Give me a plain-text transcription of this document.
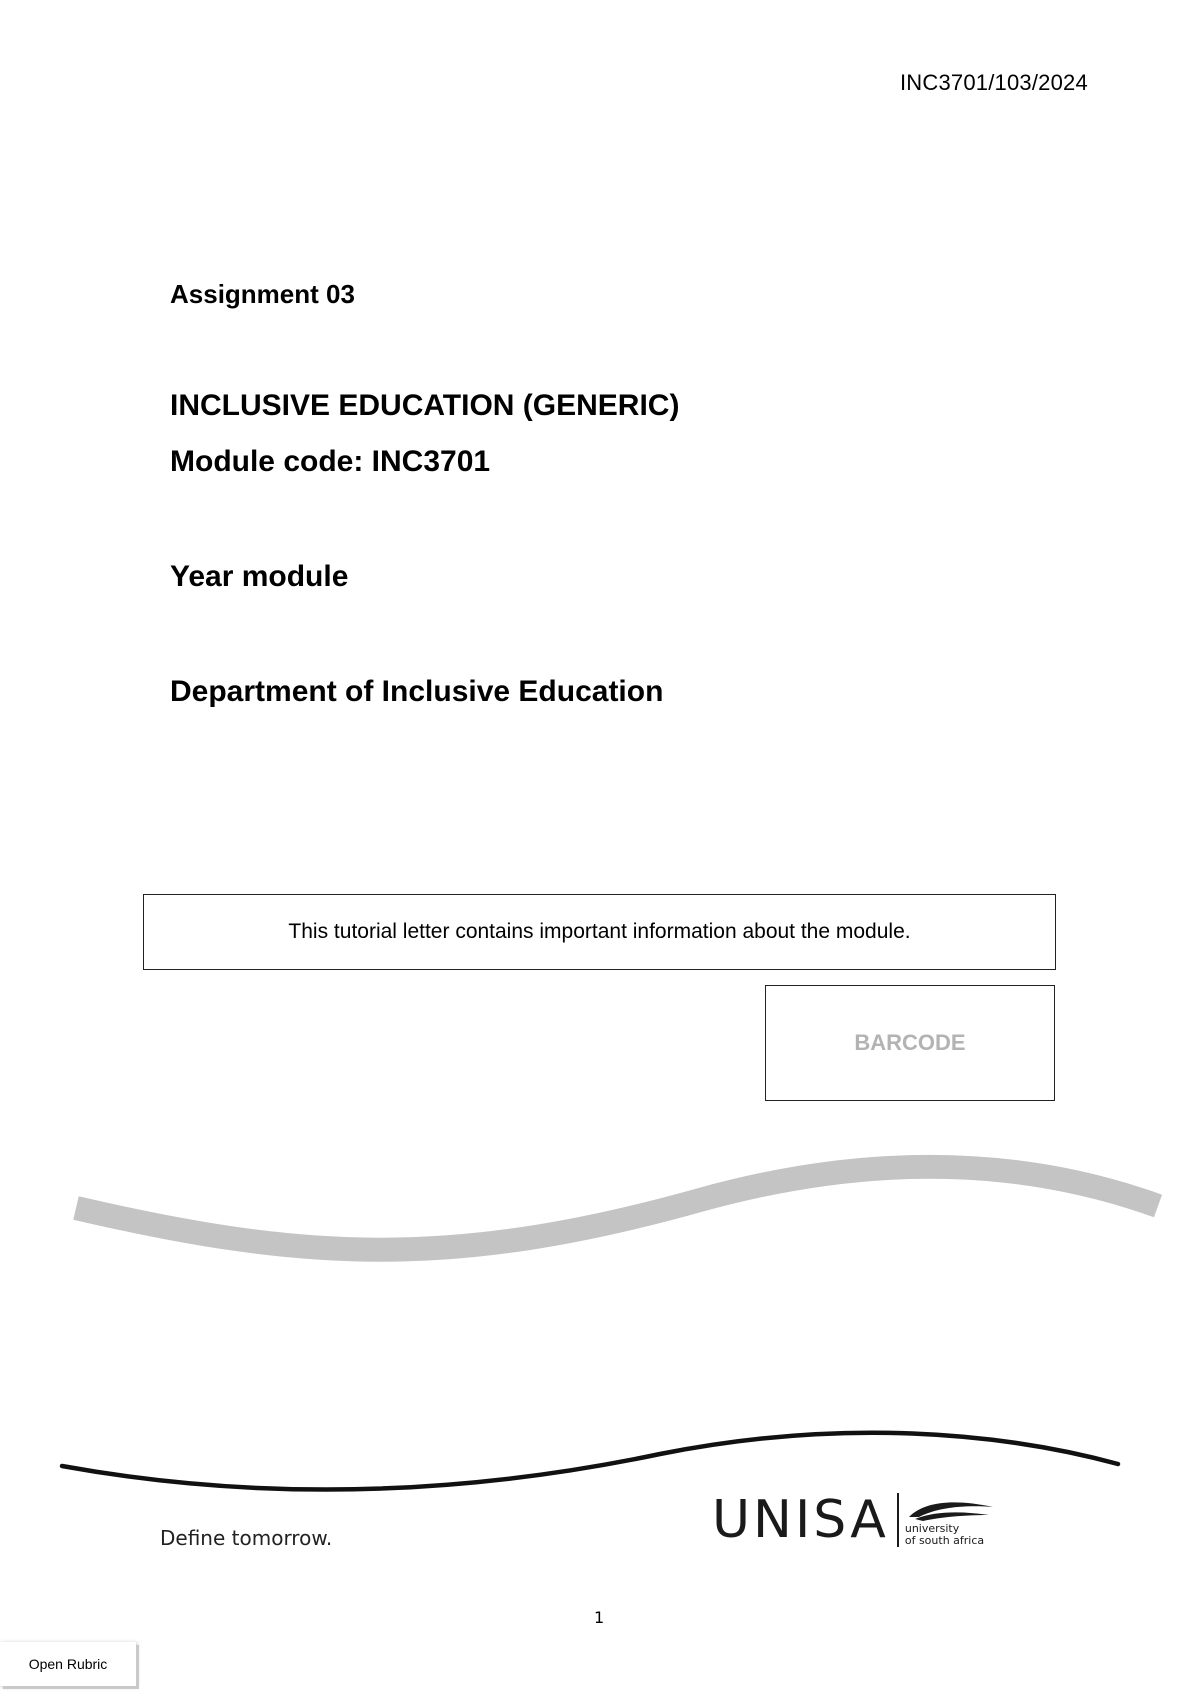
INC3701/103/2024
Assignment 03
INCLUSIVE EDUCATION (GENERIC)
Module code: INC3701
Year module
Department of Inclusive Education
This tutorial letter contains important information about the module.
BARCODE
Define tomorrow.	UNISA university
of south africa
1
Open Rubric
